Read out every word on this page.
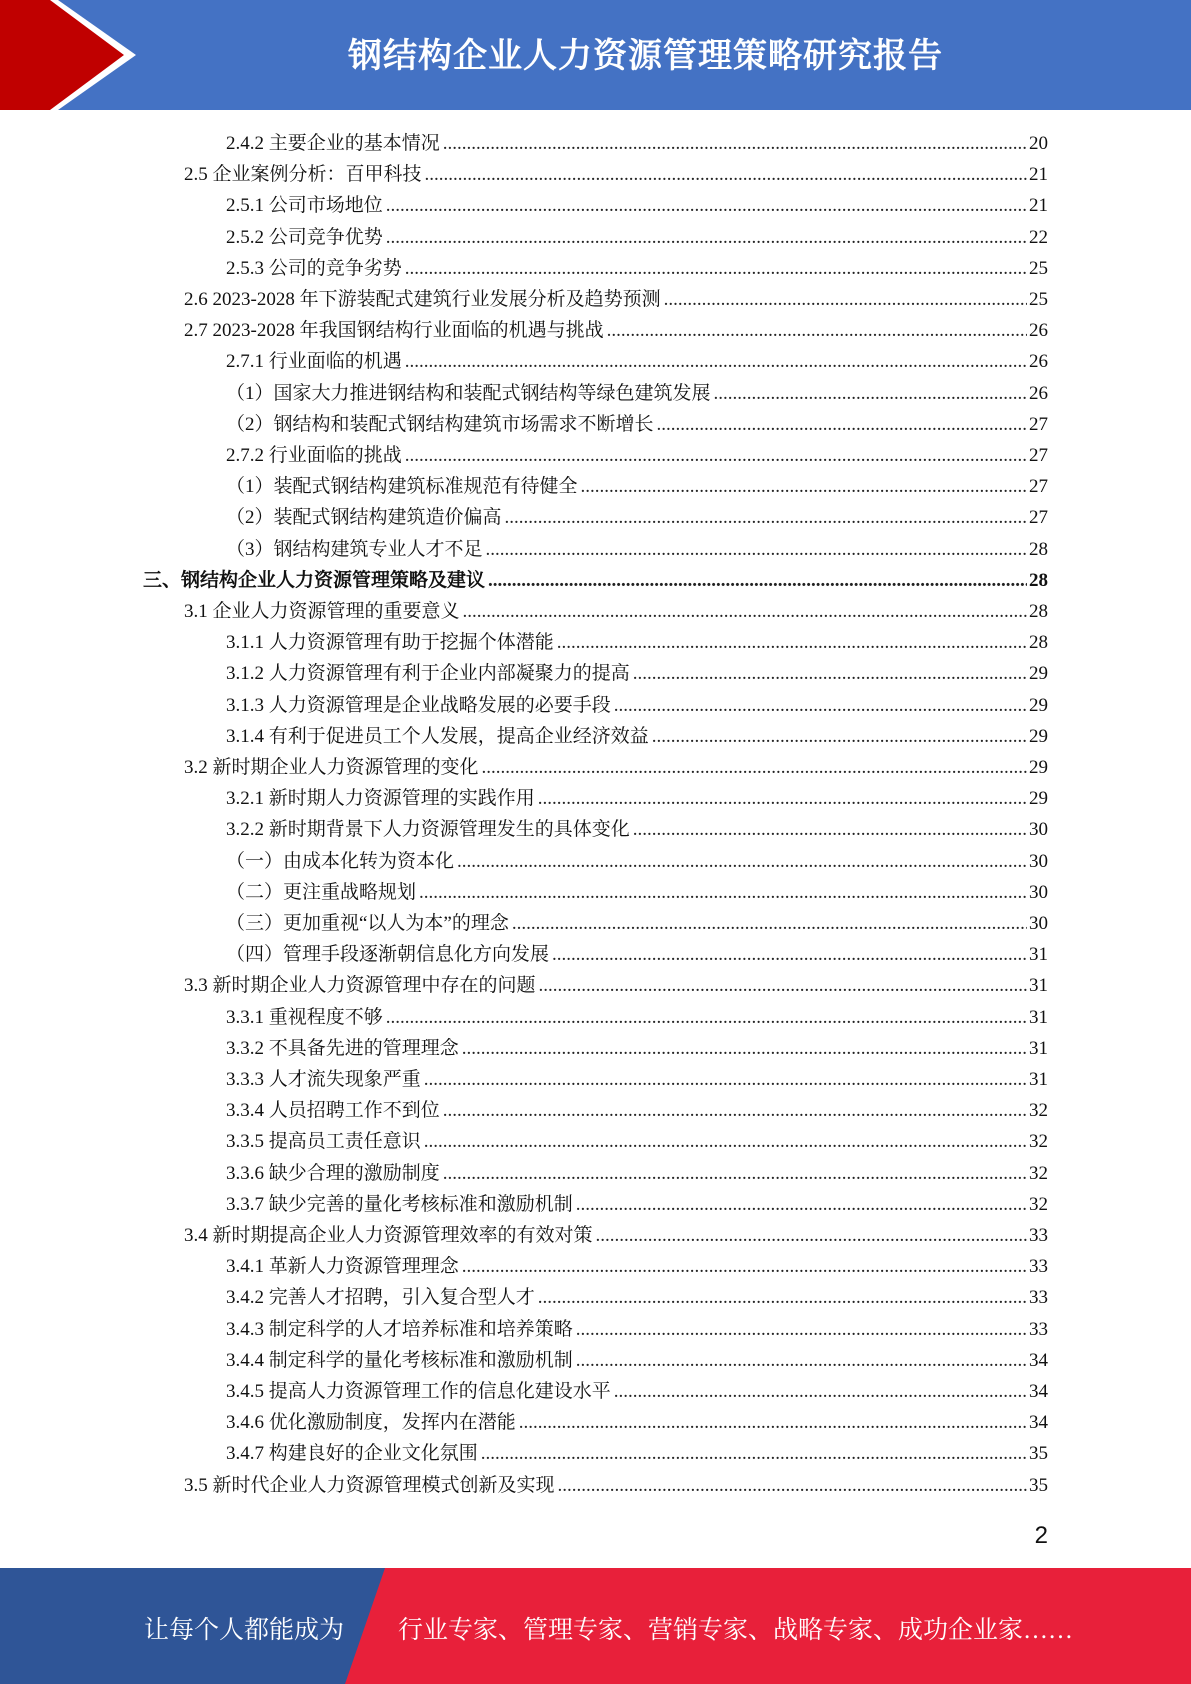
钢结构企业人力资源管理策略研究报告
2.4.2 主要企业的基本情况 .....	20
2.5 企业案例分析：百甲科技 .....	21
2.5.1 公司市场地位 .....	21
2.5.2 公司竞争优势 .....	22
2.5.3 公司的竞争劣势 .....	25
2.6 2023-2028 年下游装配式建筑行业发展分析及趋势预测 .....	25
2.7 2023-2028 年我国钢结构行业面临的机遇与挑战 .....	26
2.7.1 行业面临的机遇 .....	26
（1）国家大力推进钢结构和装配式钢结构等绿色建筑发展 .....	26
（2）钢结构和装配式钢结构建筑市场需求不断增长 .....	27
2.7.2 行业面临的挑战 .....	27
（1）装配式钢结构建筑标准规范有待健全 .....	27
（2）装配式钢结构建筑造价偏高 .....	27
（3）钢结构建筑专业人才不足 .....	28
三、钢结构企业人力资源管理策略及建议 .....	28
3.1 企业人力资源管理的重要意义 .....	28
3.1.1 人力资源管理有助于挖掘个体潜能 .....	28
3.1.2 人力资源管理有利于企业内部凝聚力的提高 .....	29
3.1.3 人力资源管理是企业战略发展的必要手段 .....	29
3.1.4 有利于促进员工个人发展，提高企业经济效益 .....	29
3.2 新时期企业人力资源管理的变化 .....	29
3.2.1 新时期人力资源管理的实践作用 .....	29
3.2.2 新时期背景下人力资源管理发生的具体变化 .....	30
（一）由成本化转为资本化 .....	30
（二）更注重战略规划 .....	30
（三）更加重视“以人为本”的理念 .....	30
（四）管理手段逐渐朝信息化方向发展 .....	31
3.3 新时期企业人力资源管理中存在的问题 .....	31
3.3.1 重视程度不够 .....	31
3.3.2 不具备先进的管理理念 .....	31
3.3.3 人才流失现象严重 .....	31
3.3.4 人员招聘工作不到位 .....	32
3.3.5 提高员工责任意识 .....	32
3.3.6 缺少合理的激励制度 .....	32
3.3.7 缺少完善的量化考核标准和激励机制 .....	32
3.4 新时期提高企业人力资源管理效率的有效对策 .....	33
3.4.1 革新人力资源管理理念 .....	33
3.4.2 完善人才招聘，引入复合型人才 .....	33
3.4.3 制定科学的人才培养标准和培养策略 .....	33
3.4.4 制定科学的量化考核标准和激励机制 .....	34
3.4.5 提高人力资源管理工作的信息化建设水平 .....	34
3.4.6 优化激励制度，发挥内在潜能 .....	34
3.4.7 构建良好的企业文化氛围 .....	35
3.5 新时代企业人力资源管理模式创新及实现 .....	35
2
让每个人都能成为 行业专家、管理专家、营销专家、战略专家、成功企业家……
